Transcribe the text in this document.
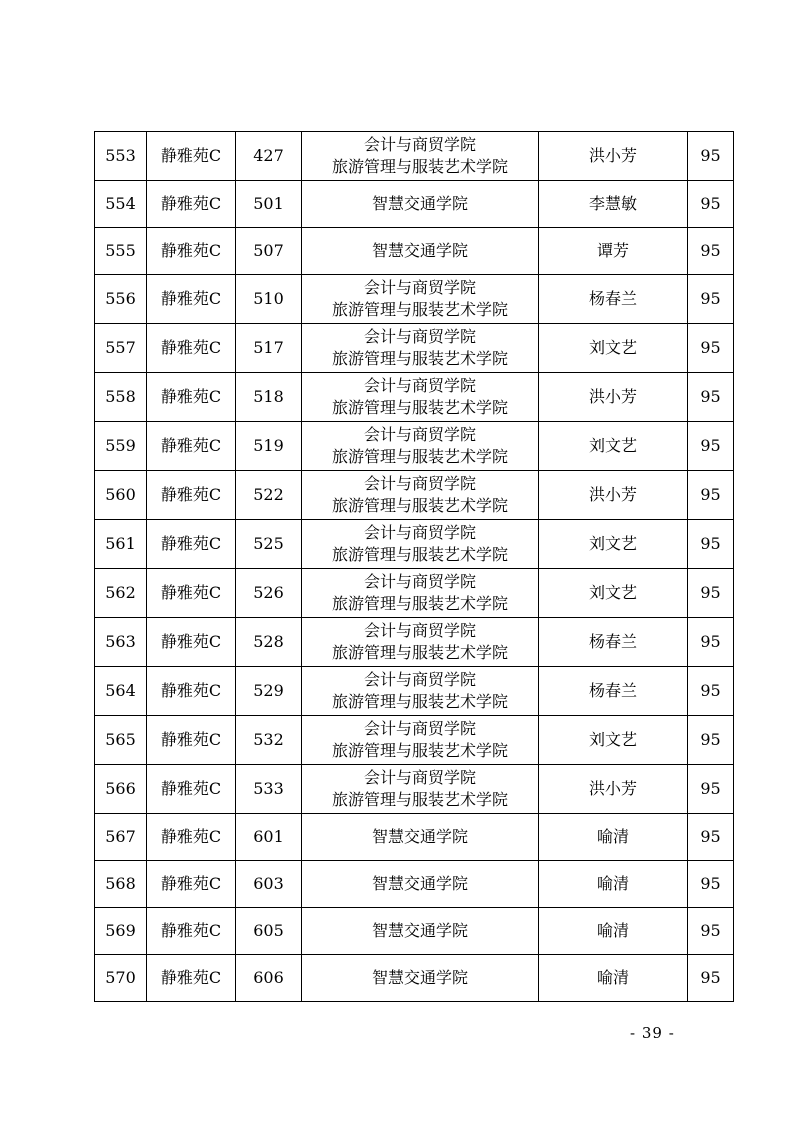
553	静雅苑C	427	会计与商贸学院
旅游管理与服装艺术学院	洪小芳	95
554	静雅苑C	501	智慧交通学院	李慧敏	95
555	静雅苑C	507	智慧交通学院	谭芳	95
556	静雅苑C	510	会计与商贸学院
旅游管理与服装艺术学院	杨春兰	95
557	静雅苑C	517	会计与商贸学院
旅游管理与服装艺术学院	刘文艺	95
558	静雅苑C	518	会计与商贸学院
旅游管理与服装艺术学院	洪小芳	95
559	静雅苑C	519	会计与商贸学院
旅游管理与服装艺术学院	刘文艺	95
560	静雅苑C	522	会计与商贸学院
旅游管理与服装艺术学院	洪小芳	95
561	静雅苑C	525	会计与商贸学院
旅游管理与服装艺术学院	刘文艺	95
562	静雅苑C	526	会计与商贸学院
旅游管理与服装艺术学院	刘文艺	95
563	静雅苑C	528	会计与商贸学院
旅游管理与服装艺术学院	杨春兰	95
564	静雅苑C	529	会计与商贸学院
旅游管理与服装艺术学院	杨春兰	95
565	静雅苑C	532	会计与商贸学院
旅游管理与服装艺术学院	刘文艺	95
566	静雅苑C	533	会计与商贸学院
旅游管理与服装艺术学院	洪小芳	95
567	静雅苑C	601	智慧交通学院	喻清	95
568	静雅苑C	603	智慧交通学院	喻清	95
569	静雅苑C	605	智慧交通学院	喻清	95
570	静雅苑C	606	智慧交通学院	喻清	95
- 39 -
